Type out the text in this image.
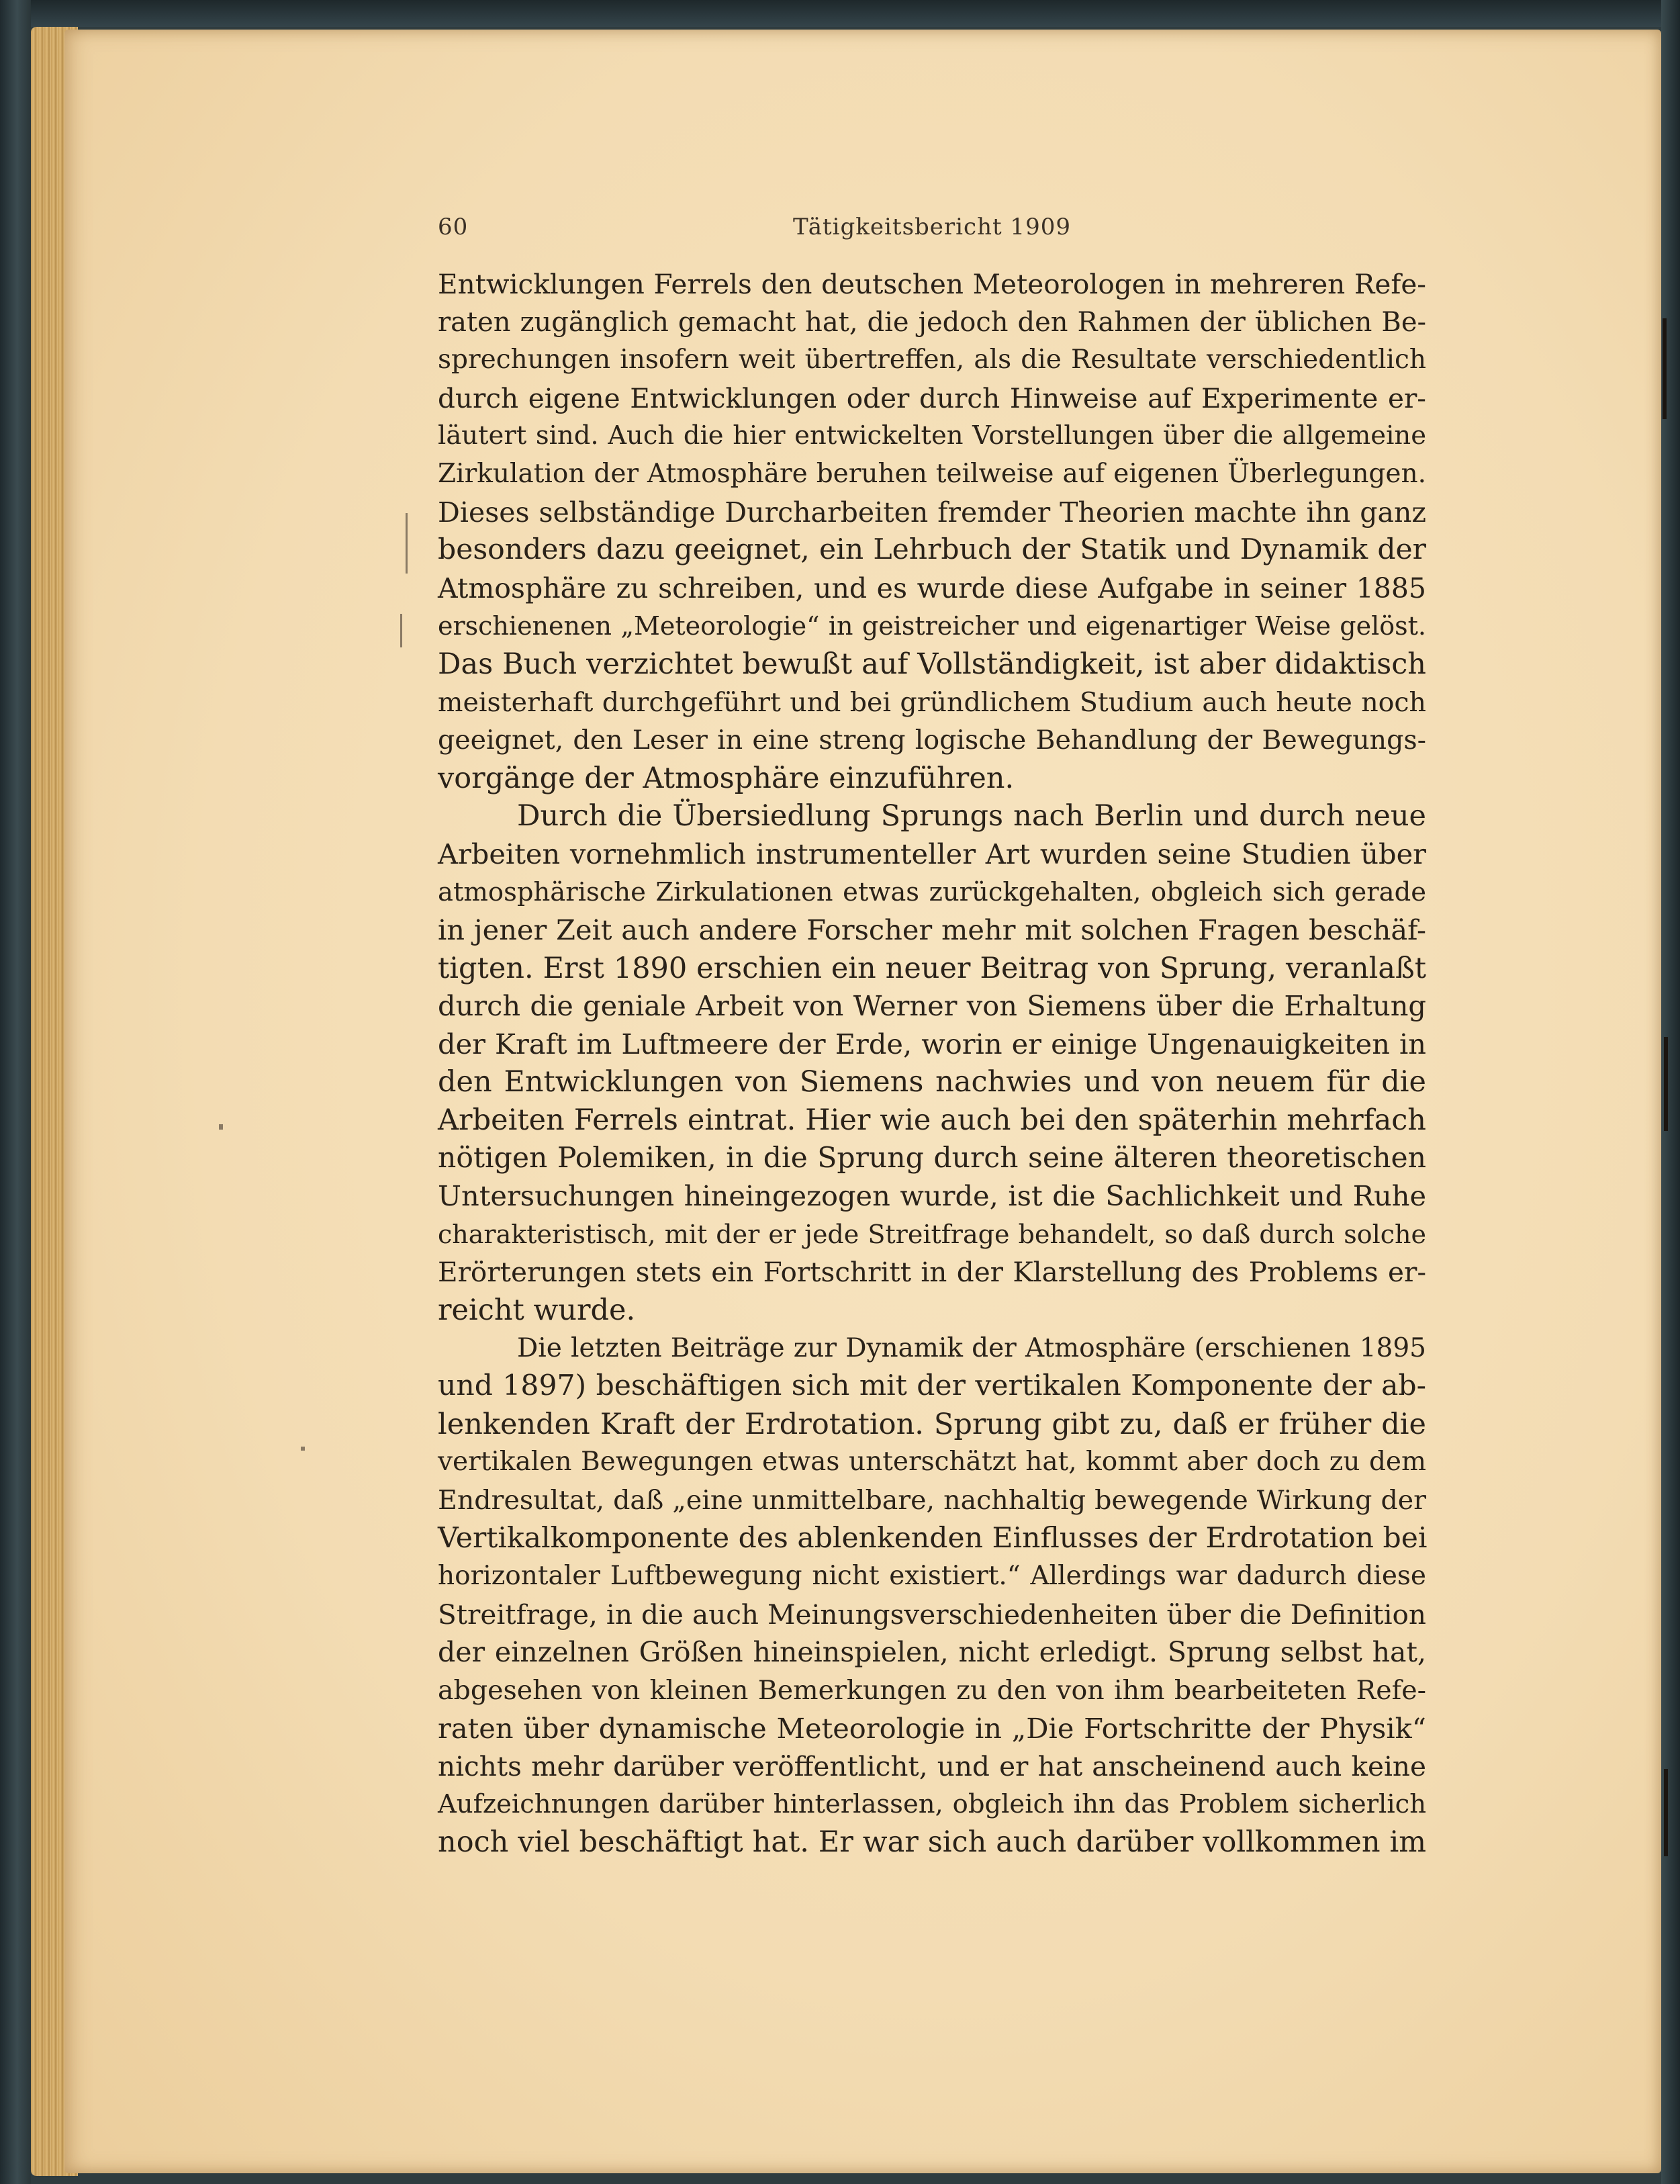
60	Tätigkeitsbericht 1909
Entwicklungen Ferrels den deutschen Meteorologen in mehreren Refe-
raten zugänglich gemacht hat, die jedoch den Rahmen der üblichen Be-
sprechungen insofern weit übertreffen, als die Resultate verschiedentlich
durch eigene Entwicklungen oder durch Hinweise auf Experimente er-
läutert sind. Auch die hier entwickelten Vorstellungen über die allgemeine
Zirkulation der Atmosphäre beruhen teilweise auf eigenen Überlegungen.
Dieses selbständige Durcharbeiten fremder Theorien machte ihn ganz
besonders dazu geeignet, ein Lehrbuch der Statik und Dynamik der
Atmosphäre zu schreiben, und es wurde diese Aufgabe in seiner 1885
erschienenen „Meteorologie“ in geistreicher und eigenartiger Weise gelöst.
Das Buch verzichtet bewußt auf Vollständigkeit, ist aber didaktisch
meisterhaft durchgeführt und bei gründlichem Studium auch heute noch
geeignet, den Leser in eine streng logische Behandlung der Bewegungs-
vorgänge der Atmosphäre einzuführen.
Durch die Übersiedlung Sprungs nach Berlin und durch neue
Arbeiten vornehmlich instrumenteller Art wurden seine Studien über
atmosphärische Zirkulationen etwas zurückgehalten, obgleich sich gerade
in jener Zeit auch andere Forscher mehr mit solchen Fragen beschäf-
tigten. Erst 1890 erschien ein neuer Beitrag von Sprung, veranlaßt
durch die geniale Arbeit von Werner von Siemens über die Erhaltung
der Kraft im Luftmeere der Erde, worin er einige Ungenauigkeiten in
den Entwicklungen von Siemens nachwies und von neuem für die
Arbeiten Ferrels eintrat. Hier wie auch bei den späterhin mehrfach
nötigen Polemiken, in die Sprung durch seine älteren theoretischen
Untersuchungen hineingezogen wurde, ist die Sachlichkeit und Ruhe
charakteristisch, mit der er jede Streitfrage behandelt, so daß durch solche
Erörterungen stets ein Fortschritt in der Klarstellung des Problems er-
reicht wurde.
Die letzten Beiträge zur Dynamik der Atmosphäre (erschienen 1895
und 1897) beschäftigen sich mit der vertikalen Komponente der ab-
lenkenden Kraft der Erdrotation. Sprung gibt zu, daß er früher die
vertikalen Bewegungen etwas unterschätzt hat, kommt aber doch zu dem
Endresultat, daß „eine unmittelbare, nachhaltig bewegende Wirkung der
Vertikalkomponente des ablenkenden Einflusses der Erdrotation bei
horizontaler Luftbewegung nicht existiert.“ Allerdings war dadurch diese
Streitfrage, in die auch Meinungsverschiedenheiten über die Definition
der einzelnen Größen hineinspielen, nicht erledigt. Sprung selbst hat,
abgesehen von kleinen Bemerkungen zu den von ihm bearbeiteten Refe-
raten über dynamische Meteorologie in „Die Fortschritte der Physik“
nichts mehr darüber veröffentlicht, und er hat anscheinend auch keine
Aufzeichnungen darüber hinterlassen, obgleich ihn das Problem sicherlich
noch viel beschäftigt hat. Er war sich auch darüber vollkommen im
